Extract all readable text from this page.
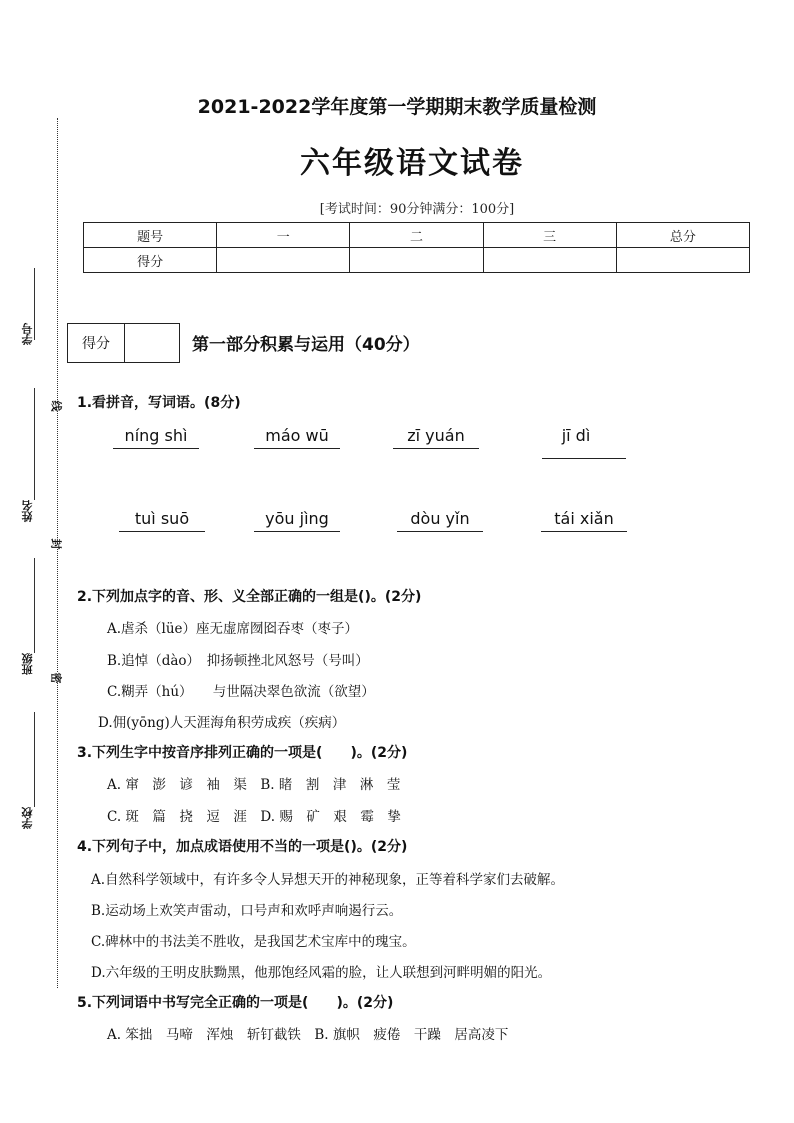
学号
姓名
班级
学校
线
封
密
2021-2022学年度第一学期期末教学质量检测
六年级语文试卷
[考试时间：90分钟满分：100分]
题号	一	二	三	总分
得分				
得分	第一部分积累与运用（40分）
1.看拼音，写词语。(8分)
níng shì	máo wū	zī yuán	jī dì
tuì suō	yōu jìng	dòu yǐn	tái xiǎn
2.下列加点字的音、形、义全部正确的一组是()。(2分)
A.虐杀（lüe）座无虚席囫囵吞枣（枣子）
B.追悼（dào）　抑扬顿挫北风怒号（号叫）
C.糊弄（hú）　　与世隔决翠色欲流（欲望）
D.佣(yōng)人天涯海角积劳成疾（疾病）
3.下列生字中按音序排列正确的一项是(　　)。(2分)
A. 窜　澎　谚　袖　渠　B. 睹　割　津　淋　莹
C. 斑　篇　挠　逗　涯　D. 赐　矿　艰　霉　挚
4.下列句子中，加点成语使用不当的一项是()。(2分)
A.自然科学领域中，有许多令人异想天开的神秘现象，正等着科学家们去破解。
B.运动场上欢笑声雷动，口号声和欢呼声响遏行云。
C.碑林中的书法美不胜收，是我国艺术宝库中的瑰宝。
D.六年级的王明皮肤黝黑，他那饱经风霜的脸，让人联想到河畔明媚的阳光。
5.下列词语中书写完全正确的一项是(　　)。(2分)
A. 笨拙　马啼　浑烛　斩钉截铁　B. 旗帜　疲倦　干躁　居高凌下
